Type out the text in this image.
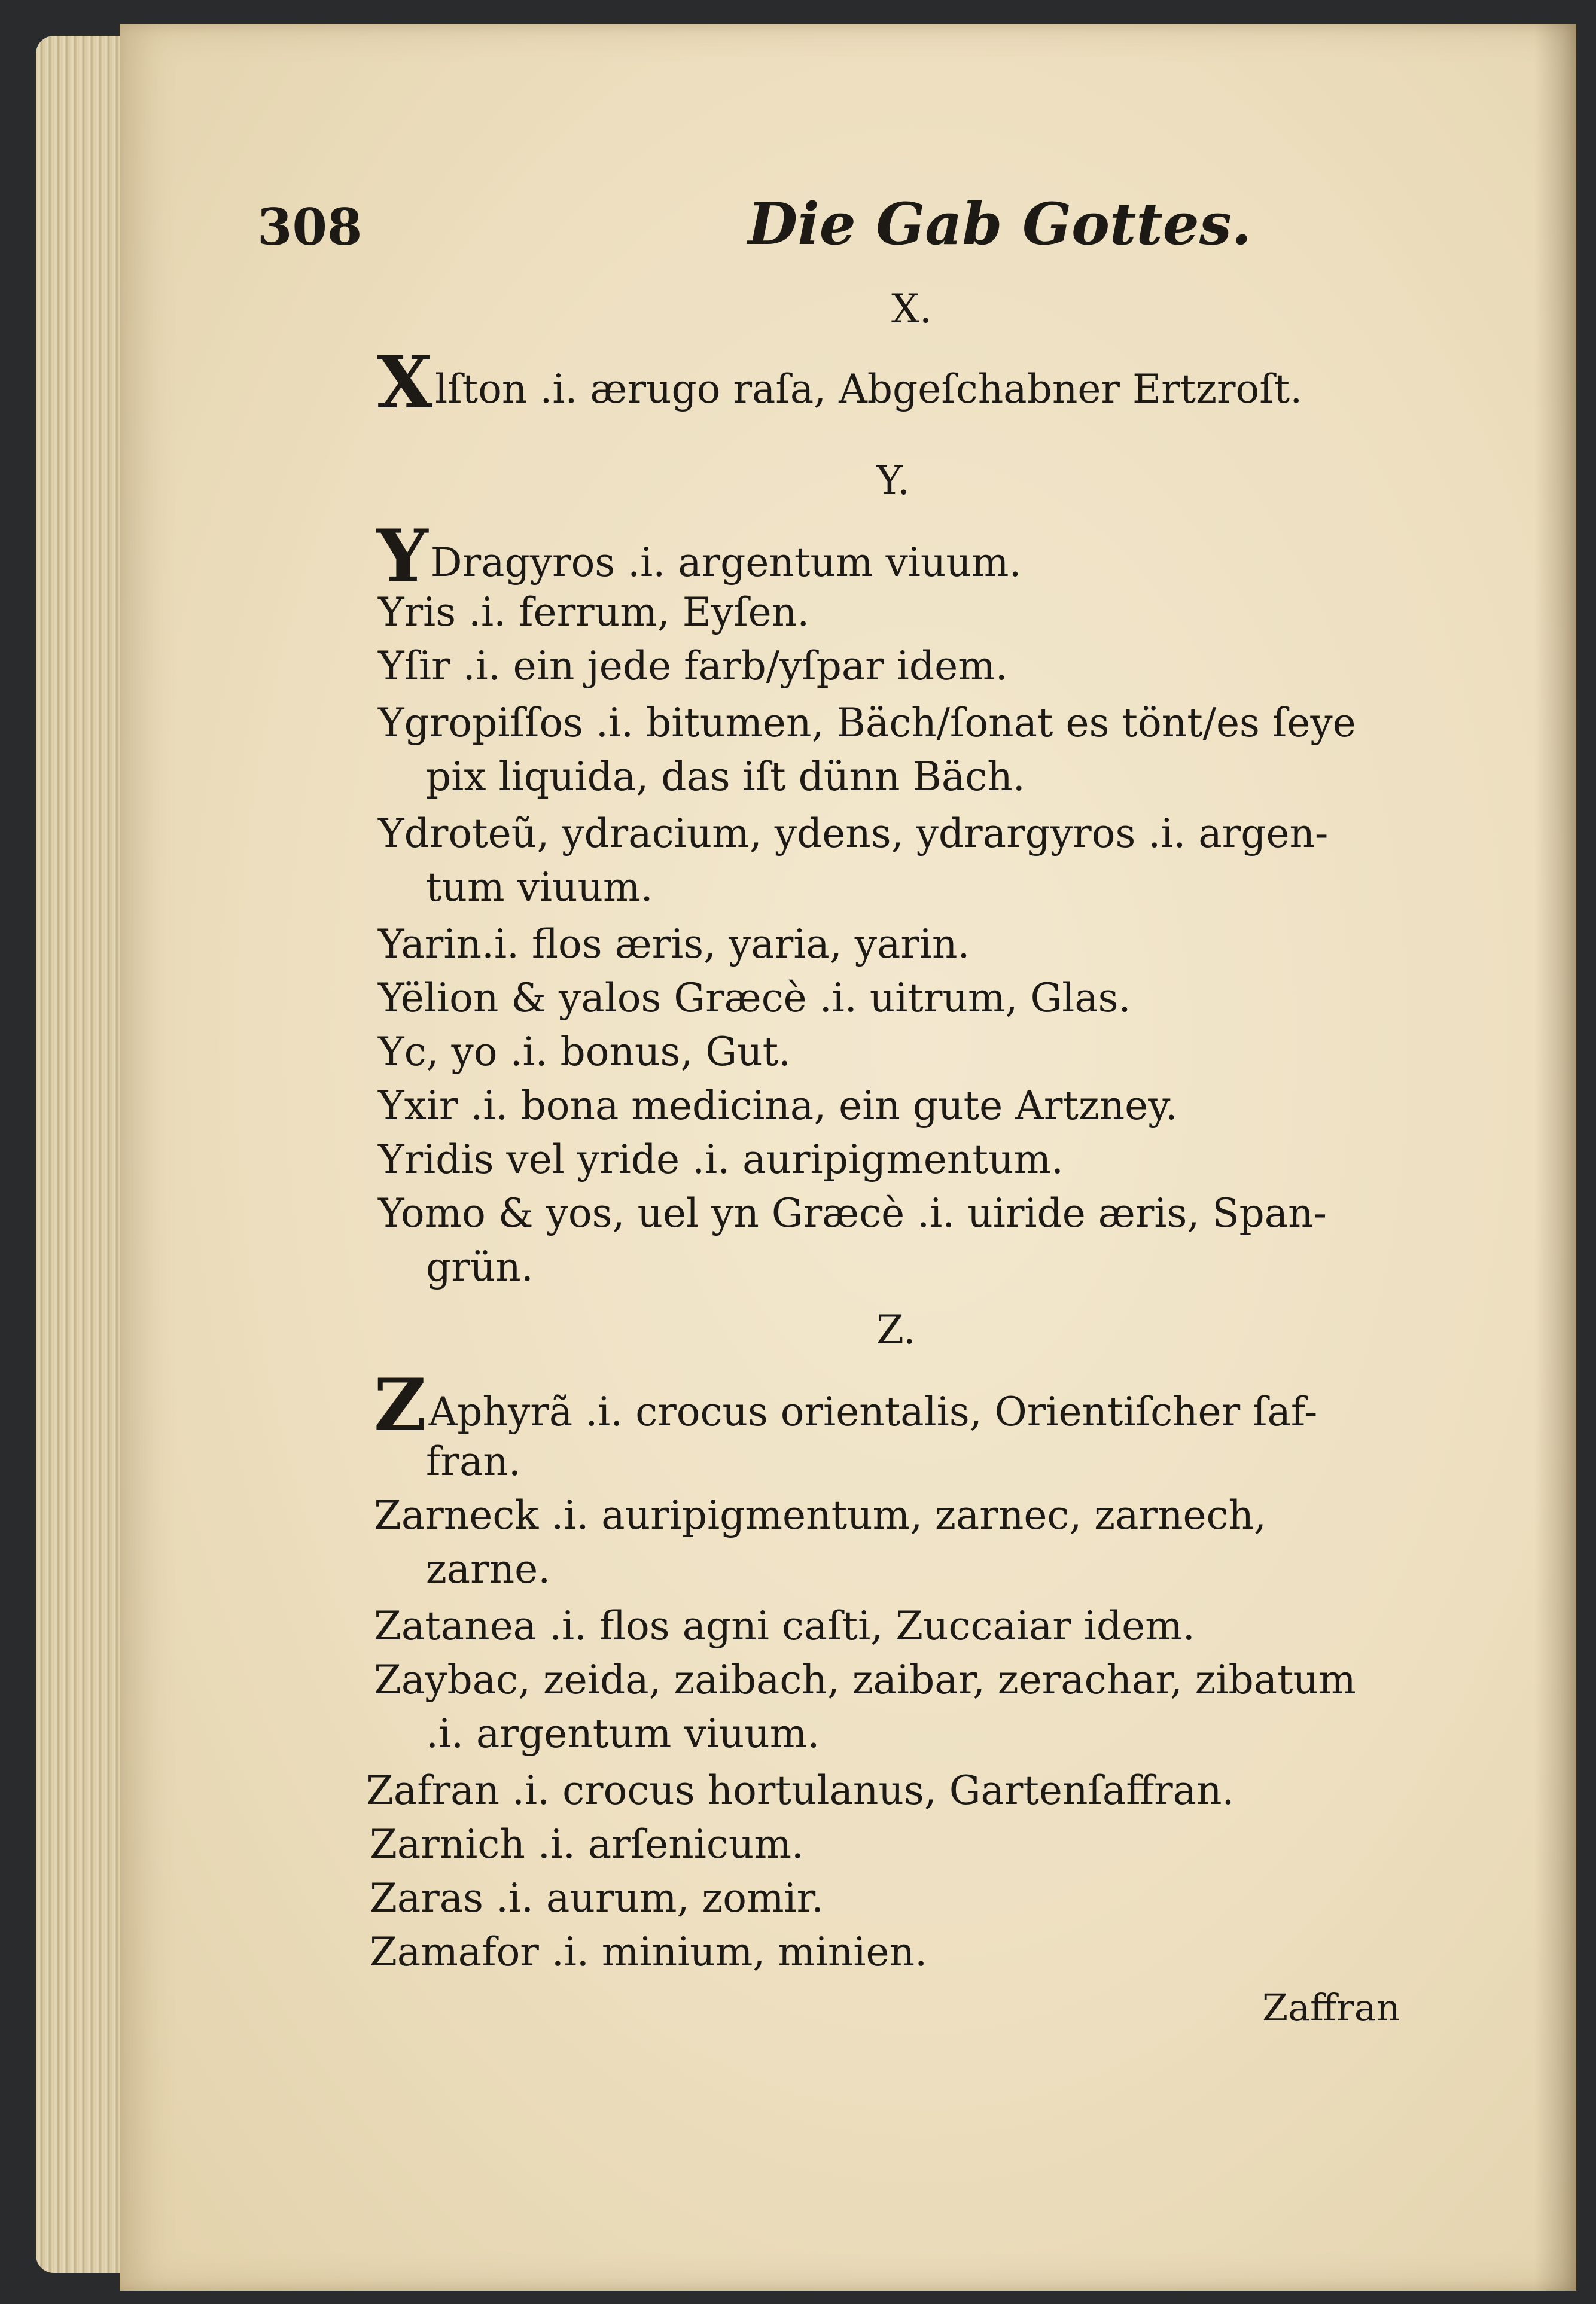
308	Die Gab Gottes.
X.
Xlſton .i. ærugo raſa, Abgeſchabner Ertzroſt.
Y.
YDragyros .i. argentum viuum.
Yris .i. ferrum, Eyſen.
Yſir .i. ein jede farb/yſpar idem.
Ygropiſſos .i. bitumen, Bäch/ſonat es tönt/es ſeye
pix liquida, das iſt dünn Bäch.
Ydroteũ, ydracium, ydens, ydrargyros .i. argen-
tum viuum.
Yarin.i. flos æris, yaria, yarin.
Yëlion & yalos Græcè .i. uitrum, Glas.
Yc, yo .i. bonus, Gut.
Yxir .i. bona medicina, ein gute Artzney.
Yridis vel yride .i. auripigmentum.
Yomo & yos, uel yn Græcè .i. uiride æris, Span-
grün.
Z.
ZAphyrã .i. crocus orientalis, Orientiſcher ſaf-
fran.
Zarneck .i. auripigmentum, zarnec, zarnech,
zarne.
Zatanea .i. flos agni caſti, Zuccaiar idem.
Zaybac, zeida, zaibach, zaibar, zerachar, zibatum
.i. argentum viuum.
Zafran .i. crocus hortulanus, Gartenſaffran.
Zarnich .i. arſenicum.
Zaras .i. aurum, zomir.
Zamafor .i. minium, minien.
Zaffran
